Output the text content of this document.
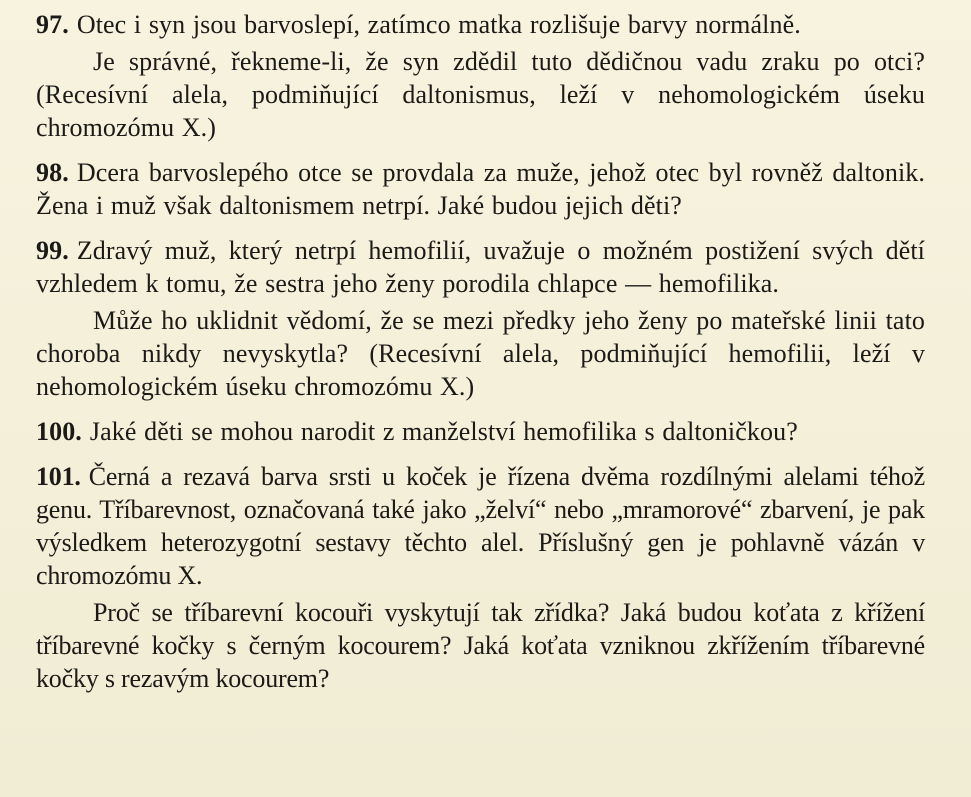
97. Otec i syn jsou barvoslepí, zatímco matka rozlišuje barvy normálně.

Je správné, řekneme-li, že syn zdědil tuto dědičnou vadu zraku po otci? (Recesívní alela, podmiňující daltonismus, leží v nehomologickém úseku chromozómu X.)

98. Dcera barvoslepého otce se provdala za muže, jehož otec byl rovněž daltonik. Žena i muž však daltonismem netrpí. Jaké budou jejich děti?

99. Zdravý muž, který netrpí hemofilií, uvažuje o možném postižení svých dětí vzhledem k tomu, že sestra jeho ženy porodila chlapce — hemofilika.

Může ho uklidnit vědomí, že se mezi předky jeho ženy po mateřské linii tato choroba nikdy nevyskytla? (Recesívní alela, podmiňující hemofilii, leží v nehomologickém úseku chromozómu X.)

100. Jaké děti se mohou narodit z manželství hemofilika s daltoničkou?

101. Černá a rezavá barva srsti u koček je řízena dvěma rozdílnými alelami téhož genu. Tříbarevnost, označovaná také jako „želví“ nebo „mramorové“ zbarvení, je pak výsledkem heterozygotní sestavy těchto alel. Příslušný gen je pohlavně vázán v chromozómu X.

Proč se tříbarevní kocouři vyskytují tak zřídka? Jaká budou koťata z křížení tříbarevné kočky s černým kocourem? Jaká koťata vzniknou zkřížením tříbarevné kočky s rezavým kocourem?
